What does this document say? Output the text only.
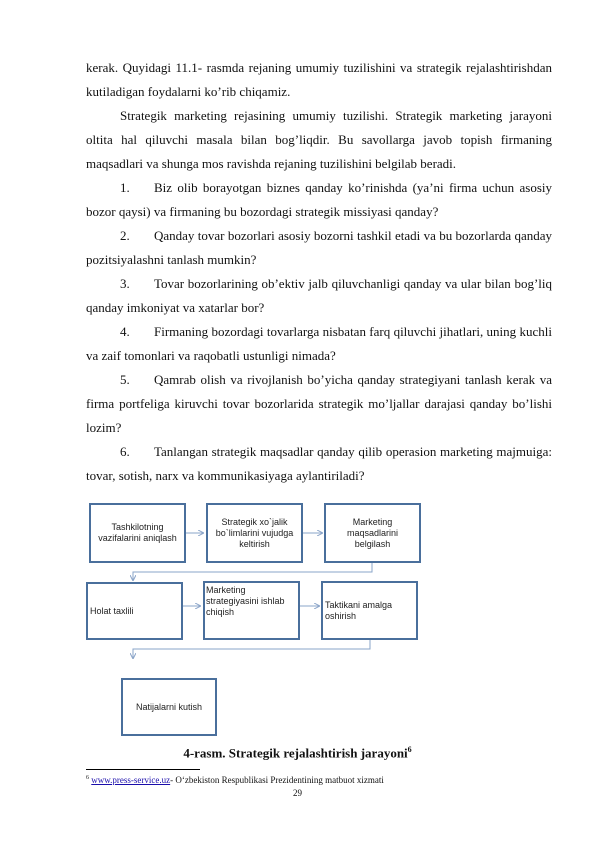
kerak. Quyidagi 11.1- rasmda rejaning umumiy tuzilishini va strategik rejalashtirishdan kutiladigan foydalarni ko’rib chiqamiz.

Strategik marketing rejasining umumiy tuzilishi. Strategik marketing jarayoni oltita hal qiluvchi masala bilan bog’liqdir. Bu savollarga javob topish firmaning maqsadlari va shunga mos ravishda rejaning tuzilishini belgilab beradi.

1. Biz olib borayotgan biznes qanday ko’rinishda (ya’ni firma uchun asosiy bozor qaysi) va firmaning bu bozordagi strategik missiyasi qanday?

2. Qanday tovar bozorlari asosiy bozorni tashkil etadi va bu bozorlarda qanday pozitsiyalashni tanlash mumkin?

3. Tovar bozorlarining ob’ektiv jalb qiluvchanligi qanday va ular bilan bog’liq qanday imkoniyat va xatarlar bor?

4. Firmaning bozordagi tovarlarga nisbatan farq qiluvchi jihatlari, uning kuchli va zaif tomonlari va raqobatli ustunligi nimada?

5. Qamrab olish va rivojlanish bo’yicha qanday strategiyani tanlash kerak va firma portfeliga kiruvchi tovar bozorlarida strategik mo’ljallar darajasi qanday bo’lishi lozim?

6. Tanlangan strategik maqsadlar qanday qilib operasion marketing majmuiga: tovar, sotish, narx va kommunikasiyaga aylantiriladi?

Tashkilotning vazifalarini aniqlash
Strategik xo`jalik bo`limlarini vujudga keltirish
Marketing maqsadlarini belgilash
Holat taxlili
Marketing strategiyasini ishlab chiqish
Taktikani amalga oshirish
Natijalarni kutish
4-rasm. Strategik rejalashtirish jarayoni$^6$
$^6$ www.press-service.uz- O‘zbekiston Respublikasi Prezidentining matbuot xizmati
29
